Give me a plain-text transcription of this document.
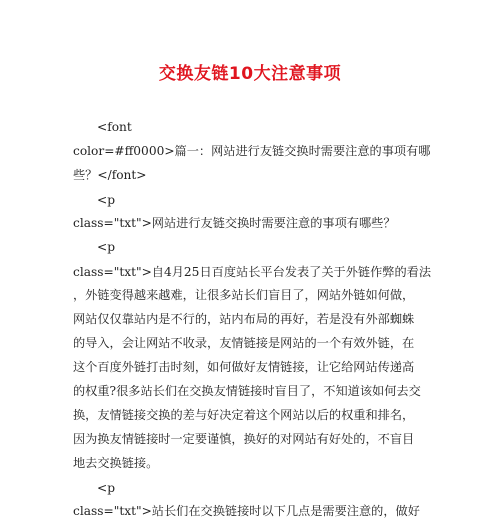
交换友链10大注意事项
<font
color=#ff0000>篇一：网站进行友链交换时需要注意的事项有哪
些？</font>
<p
class="txt">网站进行友链交换时需要注意的事项有哪些？
<p
class="txt">自4月25日百度站长平台发表了关于外链作弊的看法
，外链变得越来越难，让很多站长们盲目了，网站外链如何做，
网站仅仅靠站内是不行的，站内布局的再好，若是没有外部蜘蛛
的导入，会让网站不收录，友情链接是网站的一个有效外链，在
这个百度外链打击时刻，如何做好友情链接，让它给网站传递高
的权重?很多站长们在交换友情链接时盲目了，不知道该如何去交
换，友情链接交换的差与好决定着这个网站以后的权重和排名，
因为换友情链接时一定要谨慎，换好的对网站有好处的，不盲目
地去交换链接。
<p
class="txt">站长们在交换链接时以下几点是需要注意的，做好
